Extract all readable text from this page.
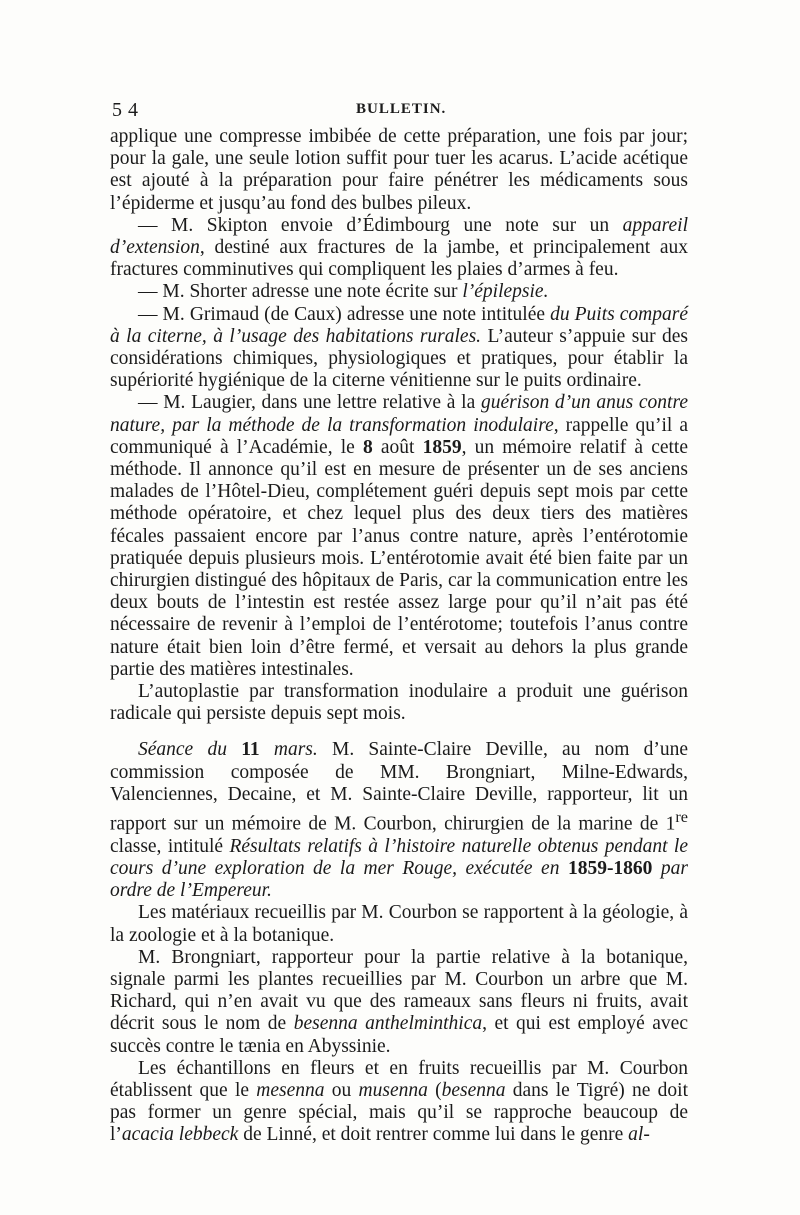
54	BULLETIN.

applique une compresse imbibée de cette préparation, une fois par jour; pour la gale, une seule lotion suffit pour tuer les acarus. L’acide acétique est ajouté à la préparation pour faire pénétrer les médicaments sous l’épiderme et jusqu’au fond des bulbes pileux.

— M. Skipton envoie d’Édimbourg une note sur un appareil d’extension, destiné aux fractures de la jambe, et principalement aux fractures comminutives qui compliquent les plaies d’armes à feu.

— M. Shorter adresse une note écrite sur l’épilepsie.

— M. Grimaud (de Caux) adresse une note intitulée du Puits comparé à la citerne, à l’usage des habitations rurales. L’auteur s’appuie sur des considérations chimiques, physiologiques et pratiques, pour établir la supériorité hygiénique de la citerne vénitienne sur le puits ordinaire.

— M. Laugier, dans une lettre relative à la guérison d’un anus contre nature, par la méthode de la transformation inodulaire, rappelle qu’il a communiqué à l’Académie, le 8 août 1859, un mémoire relatif à cette méthode. Il annonce qu’il est en mesure de présenter un de ses anciens malades de l’Hôtel-Dieu, complétement guéri depuis sept mois par cette méthode opératoire, et chez lequel plus des deux tiers des matières fécales passaient encore par l’anus contre nature, après l’entérotomie pratiquée depuis plusieurs mois. L’entérotomie avait été bien faite par un chirurgien distingué des hôpitaux de Paris, car la communication entre les deux bouts de l’intestin est restée assez large pour qu’il n’ait pas été nécessaire de revenir à l’emploi de l’entérotome; toutefois l’anus contre nature était bien loin d’être fermé, et versait au dehors la plus grande partie des matières intestinales.

L’autoplastie par transformation inodulaire a produit une guérison radicale qui persiste depuis sept mois.

Séance du 11 mars. M. Sainte-Claire Deville, au nom d’une commission composée de MM. Brongniart, Milne-Edwards, Valenciennes, Decaine, et M. Sainte-Claire Deville, rapporteur, lit un rapport sur un mémoire de M. Courbon, chirurgien de la marine de 1re classe, intitulé Résultats relatifs à l’histoire naturelle obtenus pendant le cours d’une exploration de la mer Rouge, exécutée en 1859-1860 par ordre de l’Empereur.

Les matériaux recueillis par M. Courbon se rapportent à la géologie, à la zoologie et à la botanique.

M. Brongniart, rapporteur pour la partie relative à la botanique, signale parmi les plantes recueillies par M. Courbon un arbre que M. Richard, qui n’en avait vu que des rameaux sans fleurs ni fruits, avait décrit sous le nom de besenna anthelminthica, et qui est employé avec succès contre le tænia en Abyssinie.

Les échantillons en fleurs et en fruits recueillis par M. Courbon établissent que le mesenna ou musenna (besenna dans le Tigré) ne doit pas former un genre spécial, mais qu’il se rapproche beaucoup de l’acacia lebbeck de Linné, et doit rentrer comme lui dans le genre al-
